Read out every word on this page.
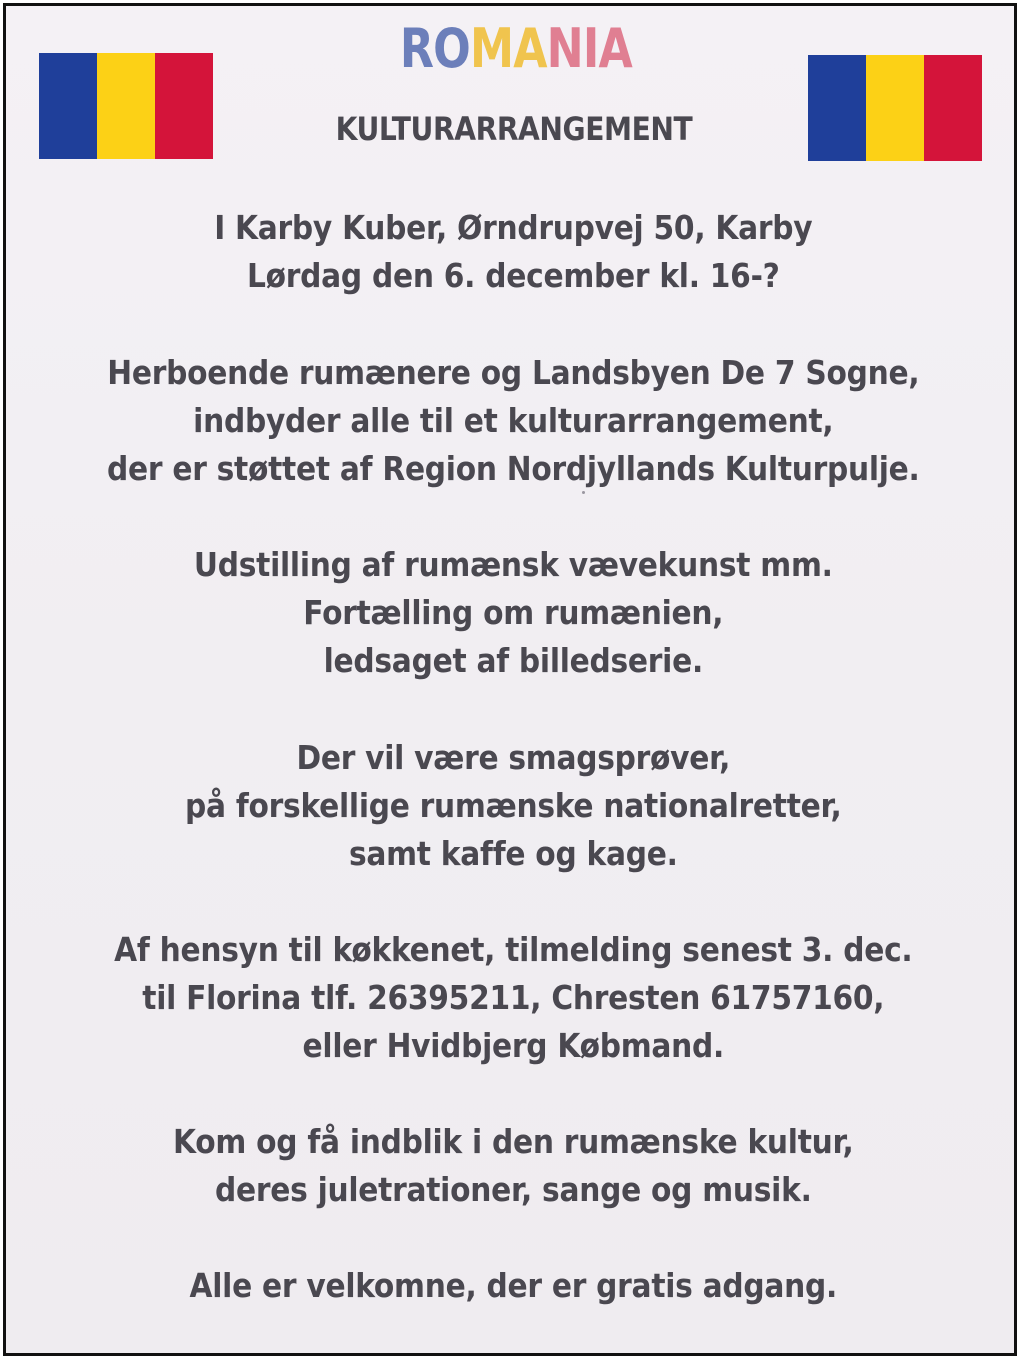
ROMANIA
KULTURARRANGEMENT
I Karby Kuber, Ørndrupvej 50, Karby
Lørdag den 6. december kl. 16-?
Herboende rumænere og Landsbyen De 7 Sogne,
indbyder alle til et kulturarrangement,
der er støttet af Region Nordjyllands Kulturpulje.
Udstilling af rumænsk vævekunst mm.
Fortælling om rumænien,
ledsaget af billedserie.
Der vil være smagsprøver,
på forskellige rumænske nationalretter,
samt kaffe og kage.
Af hensyn til køkkenet, tilmelding senest 3. dec.
til Florina tlf. 26395211, Chresten 61757160,
eller Hvidbjerg Købmand.
Kom og få indblik i den rumænske kultur,
deres juletrationer, sange og musik.
Alle er velkomne, der er gratis adgang.
